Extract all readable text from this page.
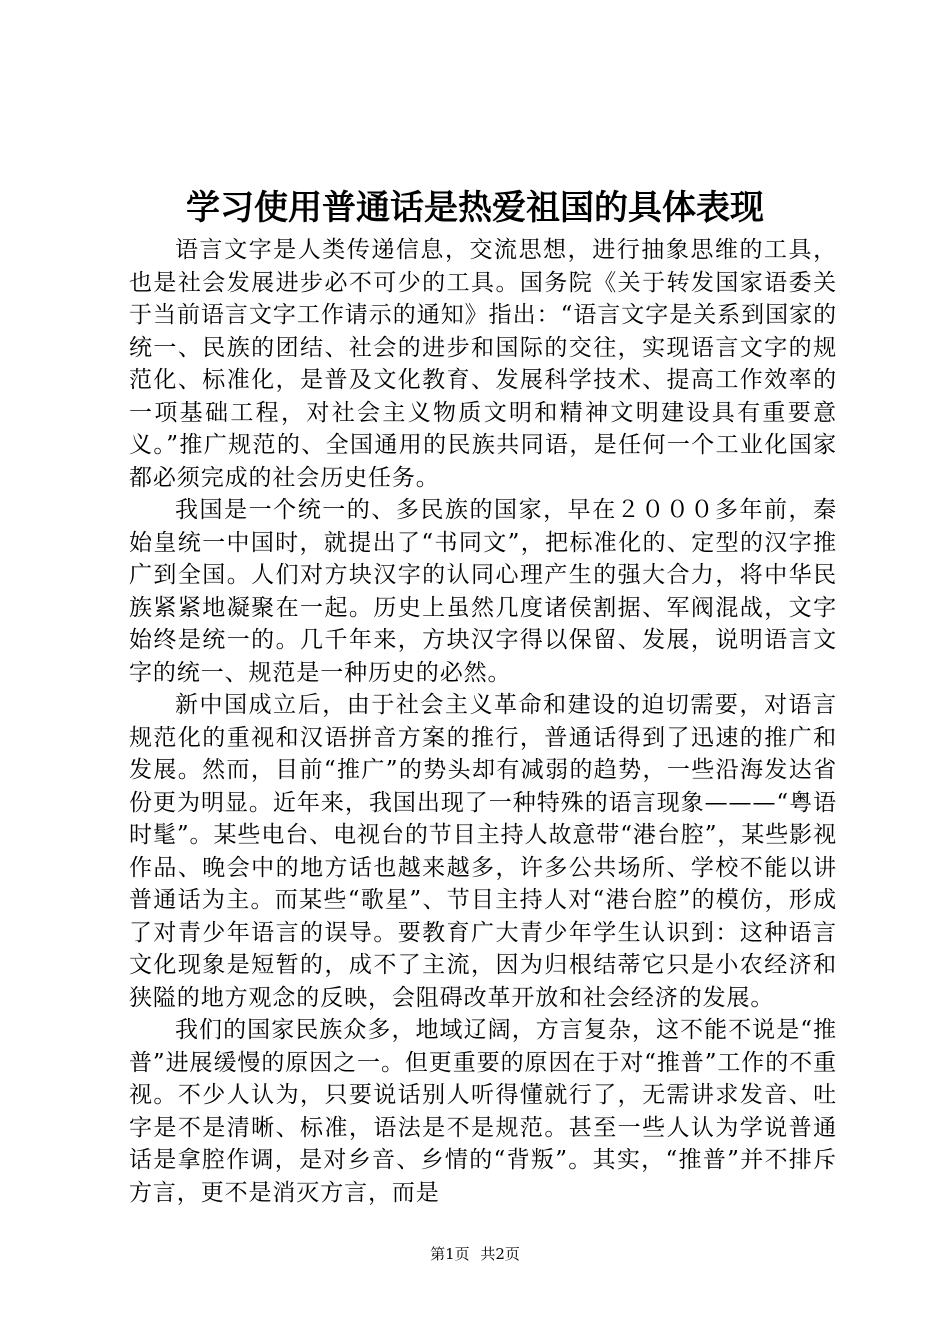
学习使用普通话是热爱祖国的具体表现

语言文字是人类传递信息，交流思想，进行抽象思维的工具，也是社会发展进步必不可少的工具。国务院《关于转发国家语委关于当前语言文字工作请示的通知》指出：“语言文字是关系到国家的统一、民族的团结、社会的进步和国际的交往，实现语言文字的规范化、标准化，是普及文化教育、发展科学技术、提高工作效率的一项基础工程，对社会主义物质文明和精神文明建设具有重要意义。”推广规范的、全国通用的民族共同语，是任何一个工业化国家都必须完成的社会历史任务。

我国是一个统一的、多民族的国家，早在２０００多年前，秦始皇统一中国时，就提出了“书同文”，把标准化的、定型的汉字推广到全国。人们对方块汉字的认同心理产生的强大合力，将中华民族紧紧地凝聚在一起。历史上虽然几度诸侯割据、军阀混战，文字始终是统一的。几千年来，方块汉字得以保留、发展，说明语言文字的统一、规范是一种历史的必然。

新中国成立后，由于社会主义革命和建设的迫切需要，对语言规范化的重视和汉语拼音方案的推行，普通话得到了迅速的推广和发展。然而，目前“推广”的势头却有减弱的趋势，一些沿海发达省份更为明显。近年来，我国出现了一种特殊的语言现象———“粤语时髦”。某些电台、电视台的节目主持人故意带“港台腔”，某些影视作品、晚会中的地方话也越来越多，许多公共场所、学校不能以讲普通话为主。而某些“歌星”、节目主持人对“港台腔”的模仿，形成了对青少年语言的误导。要教育广大青少年学生认识到：这种语言文化现象是短暂的，成不了主流，因为归根结蒂它只是小农经济和狭隘的地方观念的反映，会阻碍改革开放和社会经济的发展。

我们的国家民族众多，地域辽阔，方言复杂，这不能不说是“推普”进展缓慢的原因之一。但更重要的原因在于对“推普”工作的不重视。不少人认为，只要说话别人听得懂就行了，无需讲求发音、吐字是不是清晰、标准，语法是不是规范。甚至一些人认为学说普通话是拿腔作调，是对乡音、乡情的“背叛”。其实，“推普”并不排斥方言，更不是消灭方言，而是

第1页 共2页
